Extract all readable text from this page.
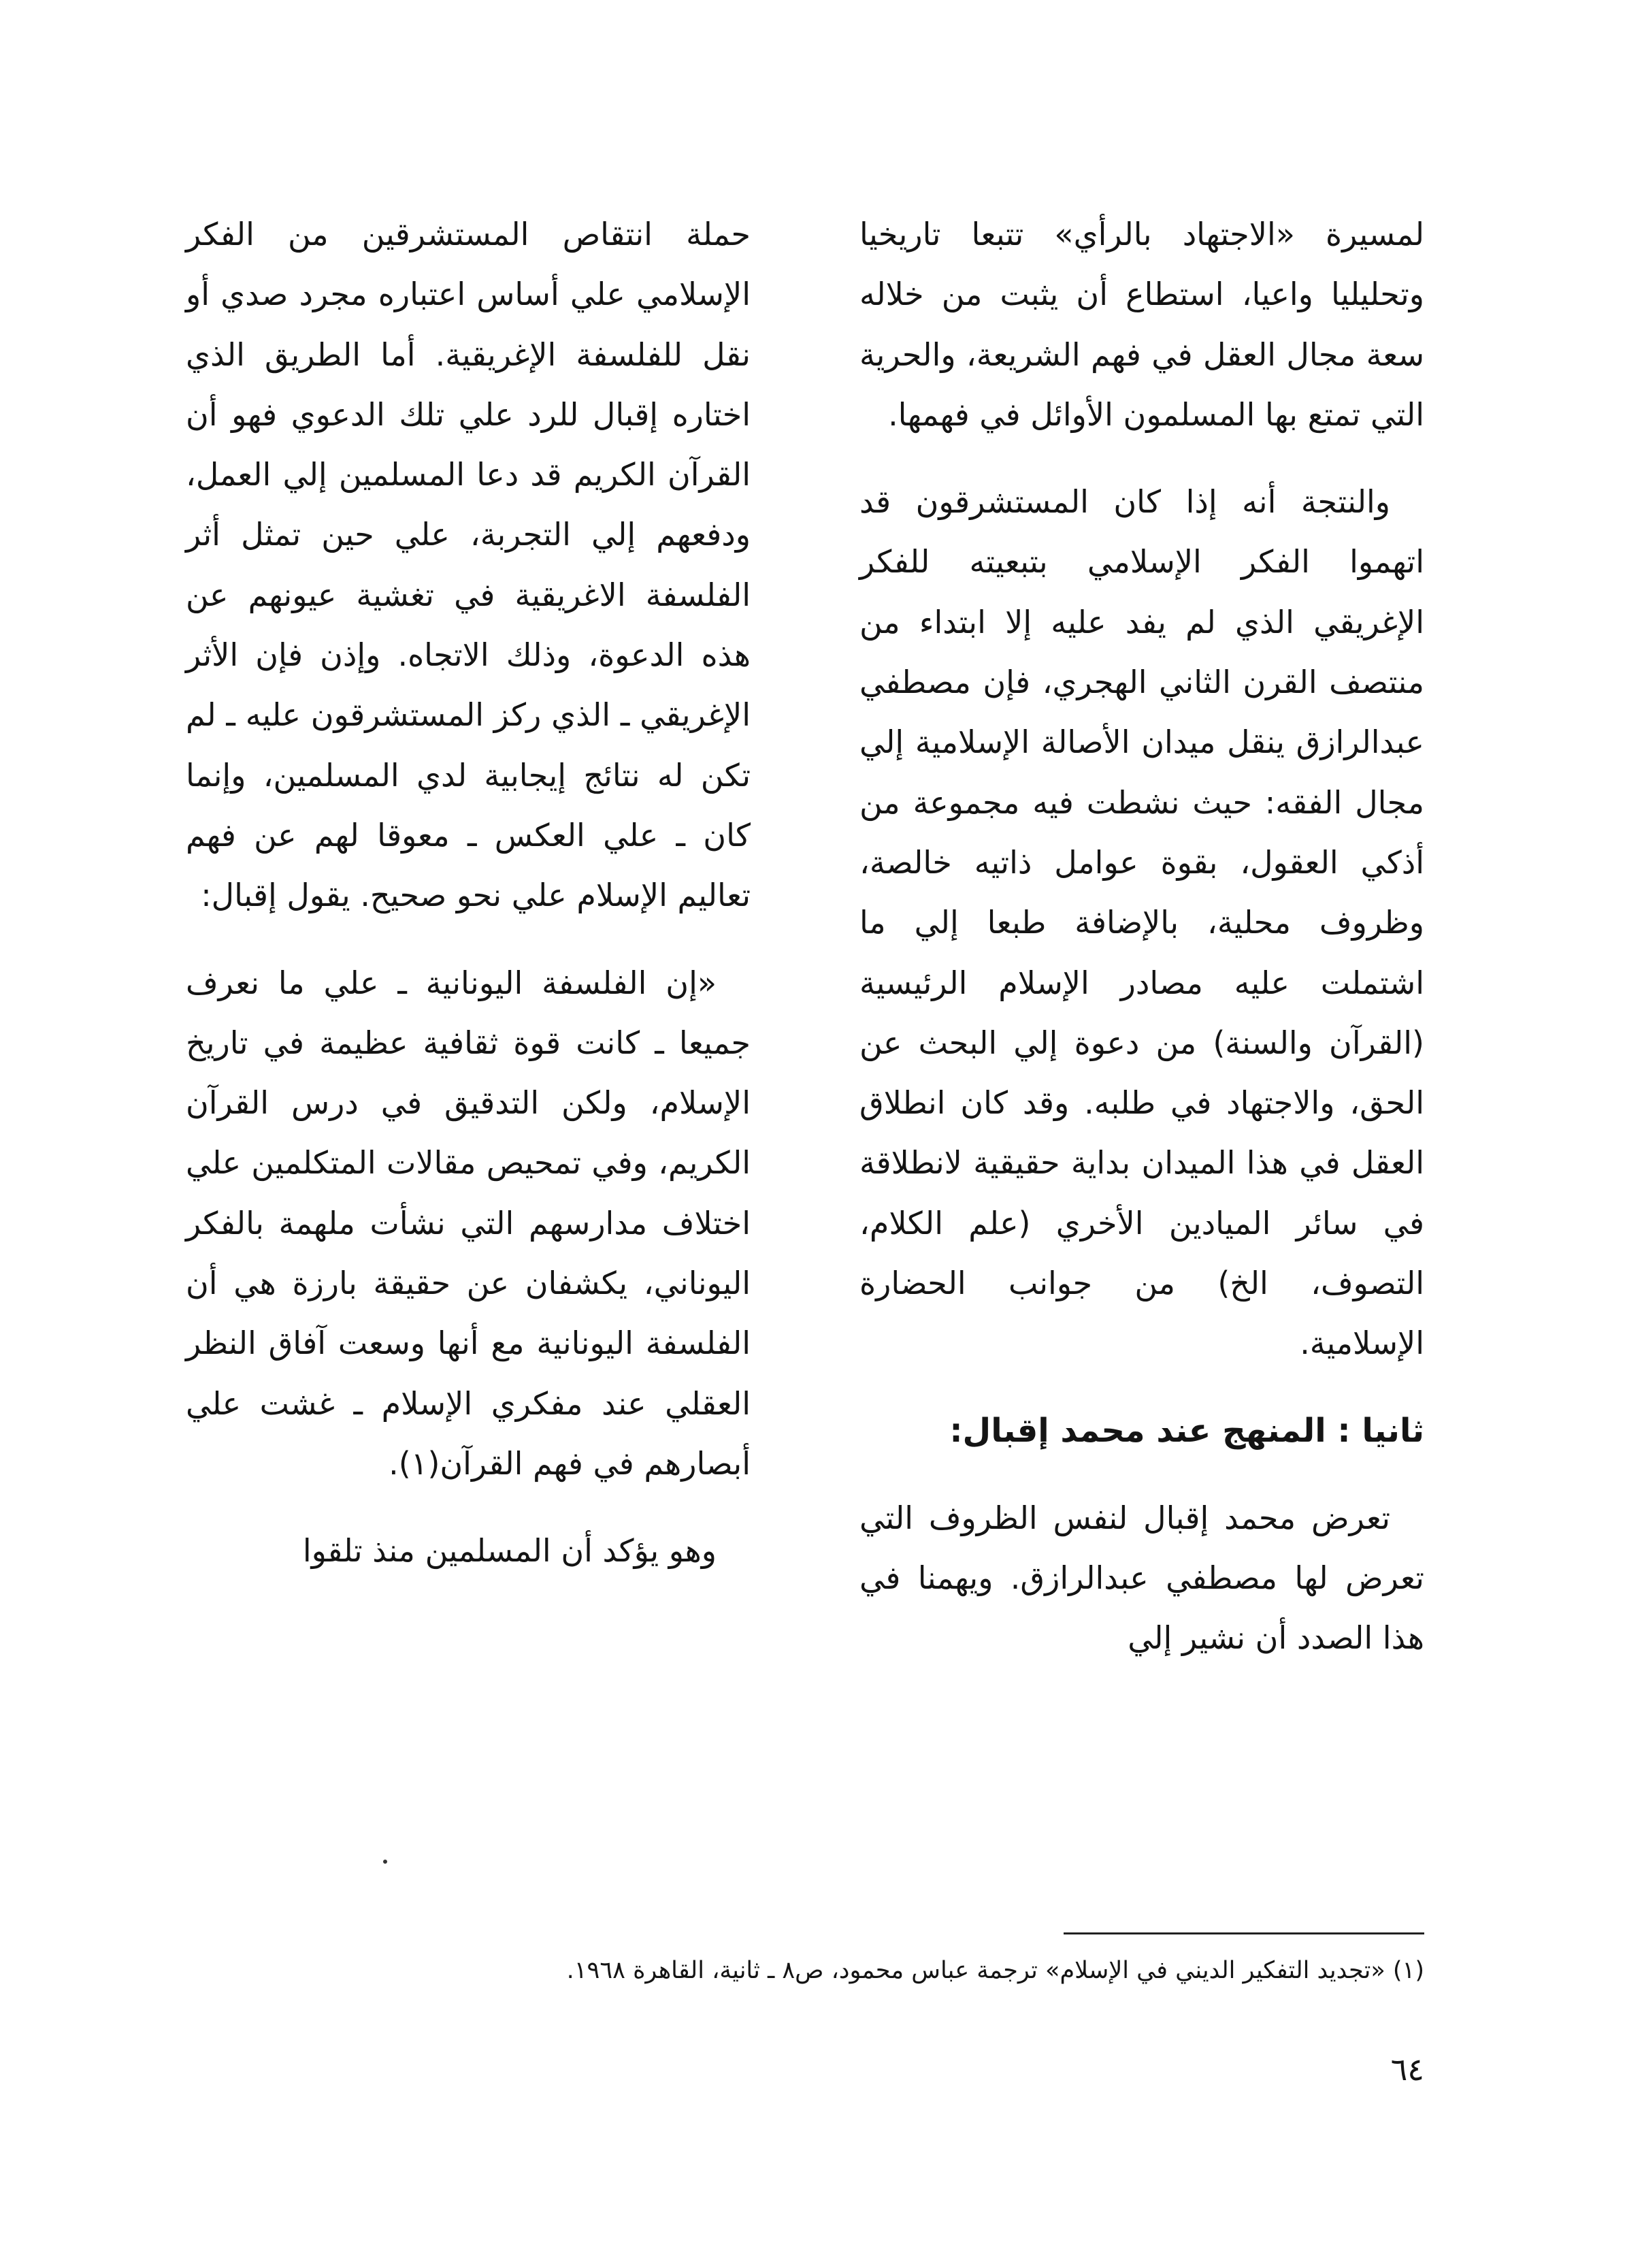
لمسيرة «الاجتهاد بالرأي» تتبعا تاريخيا وتحليليا واعيا، استطاع أن يثبت من خلاله سعة مجال العقل في فهم الشريعة، والحرية التي تمتع بها المسلمون الأوائل في فهمها.

والنتجة أنه إذا كان المستشرقون قد اتهموا الفكر الإسلامي بتبعيته للفكر الإغريقي الذي لم يفد عليه إلا ابتداء من منتصف القرن الثاني الهجري، فإن مصطفي عبدالرازق ينقل ميدان الأصالة الإسلامية إلي مجال الفقه: حيث نشطت فيه مجموعة من أذكي العقول، بقوة عوامل ذاتيه خالصة، وظروف محلية، بالإضافة طبعا إلي ما اشتملت عليه مصادر الإسلام الرئيسية (القرآن والسنة) من دعوة إلي البحث عن الحق، والاجتهاد في طلبه. وقد كان انطلاق العقل في هذا الميدان بداية حقيقية لانطلاقة في سائر الميادين الأخري (علم الكلام، التصوف، الخ) من جوانب الحضارة الإسلامية.

ثانيا : المنهج عند محمد إقبال:

تعرض محمد إقبال لنفس الظروف التي تعرض لها مصطفي عبدالرازق. ويهمنا في هذا الصدد أن نشير إلي

حملة انتقاص المستشرقين من الفكر الإسلامي علي أساس اعتباره مجرد صدي أو نقل للفلسفة الإغريقية. أما الطريق الذي اختاره إقبال للرد علي تلك الدعوي فهو أن القرآن الكريم قد دعا المسلمين إلي العمل، ودفعهم إلي التجربة، علي حين تمثل أثر الفلسفة الاغريقية في تغشية عيونهم عن هذه الدعوة، وذلك الاتجاه. وإذن فإن الأثر الإغريقي ـ الذي ركز المستشرقون عليه ـ لم تكن له نتائج إيجابية لدي المسلمين، وإنما كان ـ علي العكس ـ معوقا لهم عن فهم تعاليم الإسلام علي نحو صحيح. يقول إقبال:

«إن الفلسفة اليونانية ـ علي ما نعرف جميعا ـ كانت قوة ثقافية عظيمة في تاريخ الإسلام، ولكن التدقيق في درس القرآن الكريم، وفي تمحيص مقالات المتكلمين علي اختلاف مدارسهم التي نشأت ملهمة بالفكر اليوناني، يكشفان عن حقيقة بارزة هي أن الفلسفة اليونانية مع أنها وسعت آفاق النظر العقلي عند مفكري الإسلام ـ غشت علي أبصارهم في فهم القرآن(١).

وهو يؤكد أن المسلمين منذ تلقوا

(١) «تجديد التفكير الديني في الإسلام» ترجمة عباس محمود، ص٨ ـ ثانية، القاهرة ١٩٦٨.
٦٤
